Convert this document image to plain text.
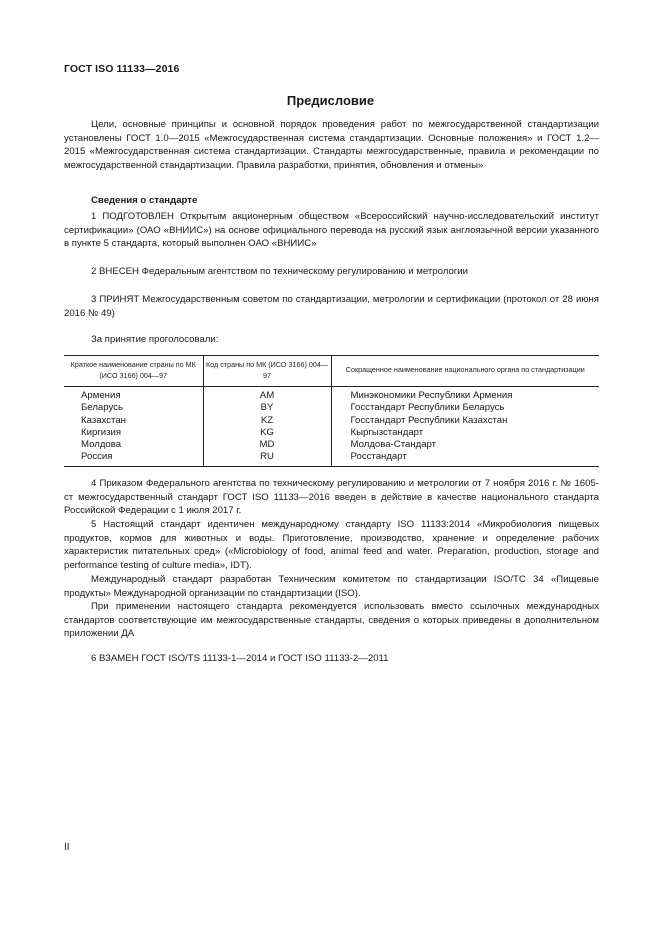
ГОСТ ISO 11133—2016
Предисловие

Цели, основные принципы и основной порядок проведения работ по межгосударственной стандартизации установлены ГОСТ 1.0—2015 «Межгосударственная система стандартизации. Основные положения» и ГОСТ 1.2—2015 «Межгосударственная система стандартизации. Стандарты межгосударственные, правила и рекомендации по межгосударственной стандартизации. Правила разработки, принятия, обновления и отмены»

Сведения о стандарте

1 ПОДГОТОВЛЕН Открытым акционерным обществом «Всероссийский научно-исследовательский институт сертификации» (ОАО «ВНИИС») на основе официального перевода на русский язык англоязычной версии указанного в пункте 5 стандарта, который выполнен ОАО «ВНИИС»

2 ВНЕСЕН Федеральным агентством по техническому регулированию и метрологии

3 ПРИНЯТ Межгосударственным советом по стандартизации, метрологии и сертификации (протокол от 28 июня 2016 № 49)

За принятие проголосовали:

Краткое наименование страны по МК (ИСО 3166) 004—97	Код страны по МК (ИСО 3166) 004—97	Сокращенное наименование национального органа по стандартизации
Армения	AM	Минэкономики Республики Армения
Беларусь	BY	Госстандарт Республики Беларусь
Казахстан	KZ	Госстандарт Республики Казахстан
Киргизия	KG	Кыргызстандарт
Молдова	MD	Молдова-Стандарт
Россия	RU	Росстандарт

4 Приказом Федерального агентства по техническому регулированию и метрологии от 7 ноября 2016 г. № 1605-ст межгосударственный стандарт ГОСТ ISO 11133—2016 введен в действие в качестве национального стандарта Российской Федерации с 1 июля 2017 г.

5 Настоящий стандарт идентичен международному стандарту ISO 11133:2014 «Микробиология пищевых продуктов, кормов для животных и воды. Приготовление, производство, хранение и определение рабочих характеристик питательных сред» («Microbiology of food, animal feed and water. Preparation, production, storage and performance testing of culture media», IDT).

Международный стандарт разработан Техническим комитетом по стандартизации ISO/TC 34 «Пищевые продукты» Международной организации по стандартизации (ISO).

При применении настоящего стандарта рекомендуется использовать вместо ссылочных международных стандартов соответствующие им межгосударственные стандарты, сведения о которых приведены в дополнительном приложении ДА

6 ВЗАМЕН ГОСТ ISO/TS 11133-1—2014 и ГОСТ ISO 11133-2—2011

II
